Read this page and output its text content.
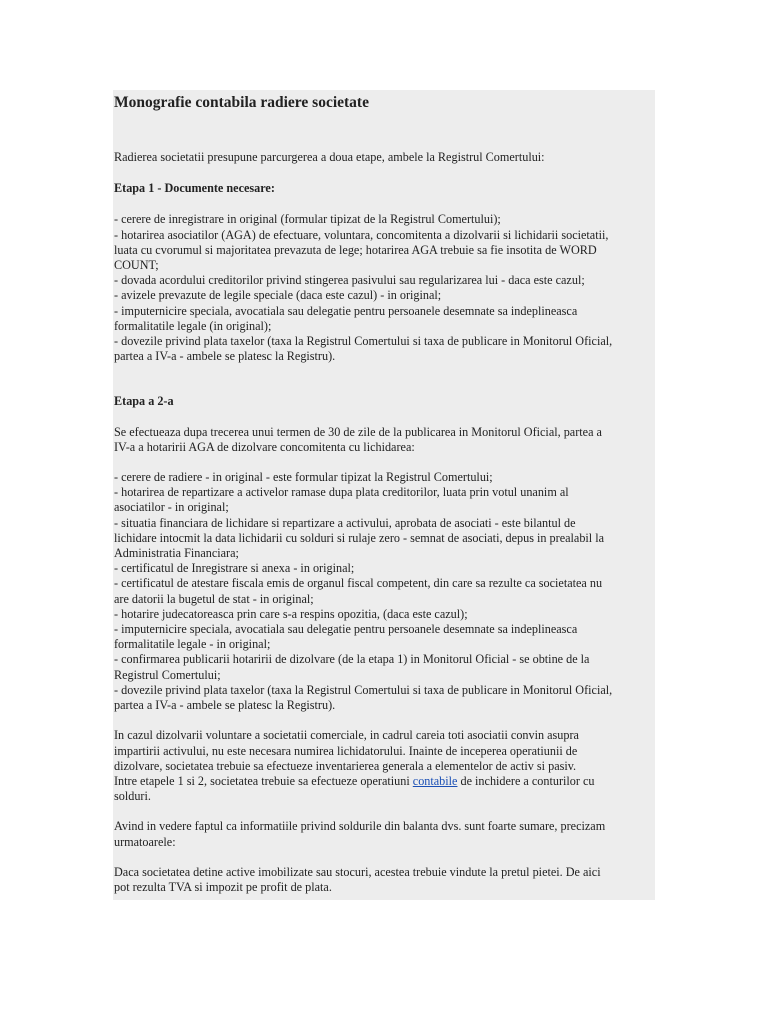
Monografie contabila radiere societate

Radierea societatii presupune parcurgerea a doua etape, ambele la Registrul Comertului:

Etapa 1 - Documente necesare:

- cerere de inregistrare in original (formular tipizat de la Registrul Comertului);

- hotarirea asociatilor (AGA) de efectuare, voluntara, concomitenta a dizolvarii si lichidarii societatii,

luata cu cvorumul si majoritatea prevazuta de lege; hotarirea AGA trebuie sa fie insotita de WORD

COUNT;

- dovada acordului creditorilor privind stingerea pasivului sau regularizarea lui - daca este cazul;

- avizele prevazute de legile speciale (daca este cazul) - in original;

- imputernicire speciala, avocatiala sau delegatie pentru persoanele desemnate sa indeplineasca

formalitatile legale (in original);

- dovezile privind plata taxelor (taxa la Registrul Comertului si taxa de publicare in Monitorul Oficial,

partea a IV-a - ambele se platesc la Registru).

Etapa a 2-a

Se efectueaza dupa trecerea unui termen de 30 de zile de la publicarea in Monitorul Oficial, partea a

IV-a a hotaririi AGA de dizolvare concomitenta cu lichidarea:

- cerere de radiere - in original - este formular tipizat la Registrul Comertului;

- hotarirea de repartizare a activelor ramase dupa plata creditorilor, luata prin votul unanim al

asociatilor - in original;

- situatia financiara de lichidare si repartizare a activului, aprobata de asociati - este bilantul de

lichidare intocmit la data lichidarii cu solduri si rulaje zero - semnat de asociati, depus in prealabil la

Administratia Financiara;

- certificatul de Inregistrare si anexa - in original;

- certificatul de atestare fiscala emis de organul fiscal competent, din care sa rezulte ca societatea nu

are datorii la bugetul de stat - in original;

- hotarire judecatoreasca prin care s-a respins opozitia, (daca este cazul);

- imputernicire speciala, avocatiala sau delegatie pentru persoanele desemnate sa indeplineasca

formalitatile legale - in original;

- confirmarea publicarii hotaririi de dizolvare (de la etapa 1) in Monitorul Oficial - se obtine de la

Registrul Comertului;

- dovezile privind plata taxelor (taxa la Registrul Comertului si taxa de publicare in Monitorul Oficial,

partea a IV-a - ambele se platesc la Registru).

In cazul dizolvarii voluntare a societatii comerciale, in cadrul careia toti asociatii convin asupra

impartirii activului, nu este necesara numirea lichidatorului. Inainte de inceperea operatiunii de

dizolvare, societatea trebuie sa efectueze inventarierea generala a elementelor de activ si pasiv.

Intre etapele 1 si 2, societatea trebuie sa efectueze operatiuni contabile de inchidere a conturilor cu

solduri.

Avind in vedere faptul ca informatiile privind soldurile din balanta dvs. sunt foarte sumare, precizam

urmatoarele:

Daca societatea detine active imobilizate sau stocuri, acestea trebuie vindute la pretul pietei. De aici

pot rezulta TVA si impozit pe profit de plata.
